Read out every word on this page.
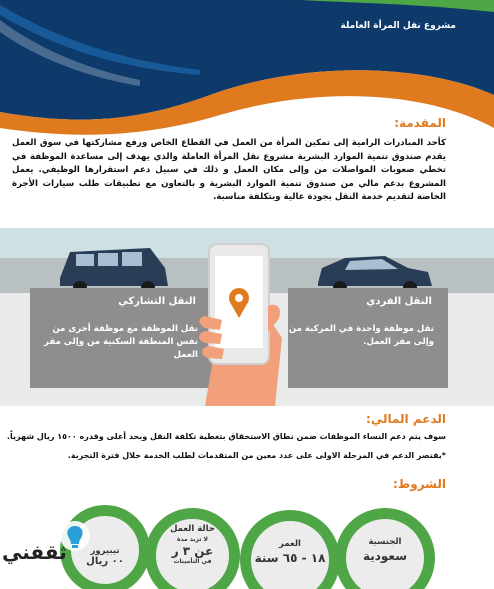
مشروع نقل المرأة العاملة
المقدمة:
كأحد المبادرات الرامية إلى تمكين المرأة من العمل في القطاع الخاص ورفع مشاركتها في سوق العمل يقدم صندوق تنمية الموارد البشرية مشروع نقل المرأة العاملة والذي يهدف إلى مساعدة الموظفة في تخطي صعوبات المواصلات من وإلى مكان العمل و ذلك في سبيل دعم استقرارها الوظيفي. يعمل المشروع بدعم مالي من صندوق تنمية الموارد البشرية و بالتعاون مع تطبيقات طلب سيارات الأجرة الخاصة لتقديم خدمة النقل بجودة عالية وبتكلفة مناسبة.
النقل الفردي
نقل موظفة واحدة في المركبة من وإلى مقر العمل.
النقل التشاركي
نقل الموظفة مع موظفة أخرى من نفس المنطقة السكنية من وإلى مقر العمل
الدعم المالي:
سوف يتم دعم النساء الموظفات ضمن نطاق الاستحقاق بتغطية تكلفة النقل وبحد أعلى وقدره ١٥٠٠ ريال شهرياً.
*يقتصر الدعم في المرحلة الاولى على عدد معين من المتقدمات لطلب الخدمة خلال فترة التجربة.
الشروط:
الجنسية
سعودية
العمر
١٨ - ٦٥ سنة
حالة العمل
لا تزيد مدة
عن ٣ ر
في التأمينات
تيبيرور
٠٠ ريال
ثقفني
